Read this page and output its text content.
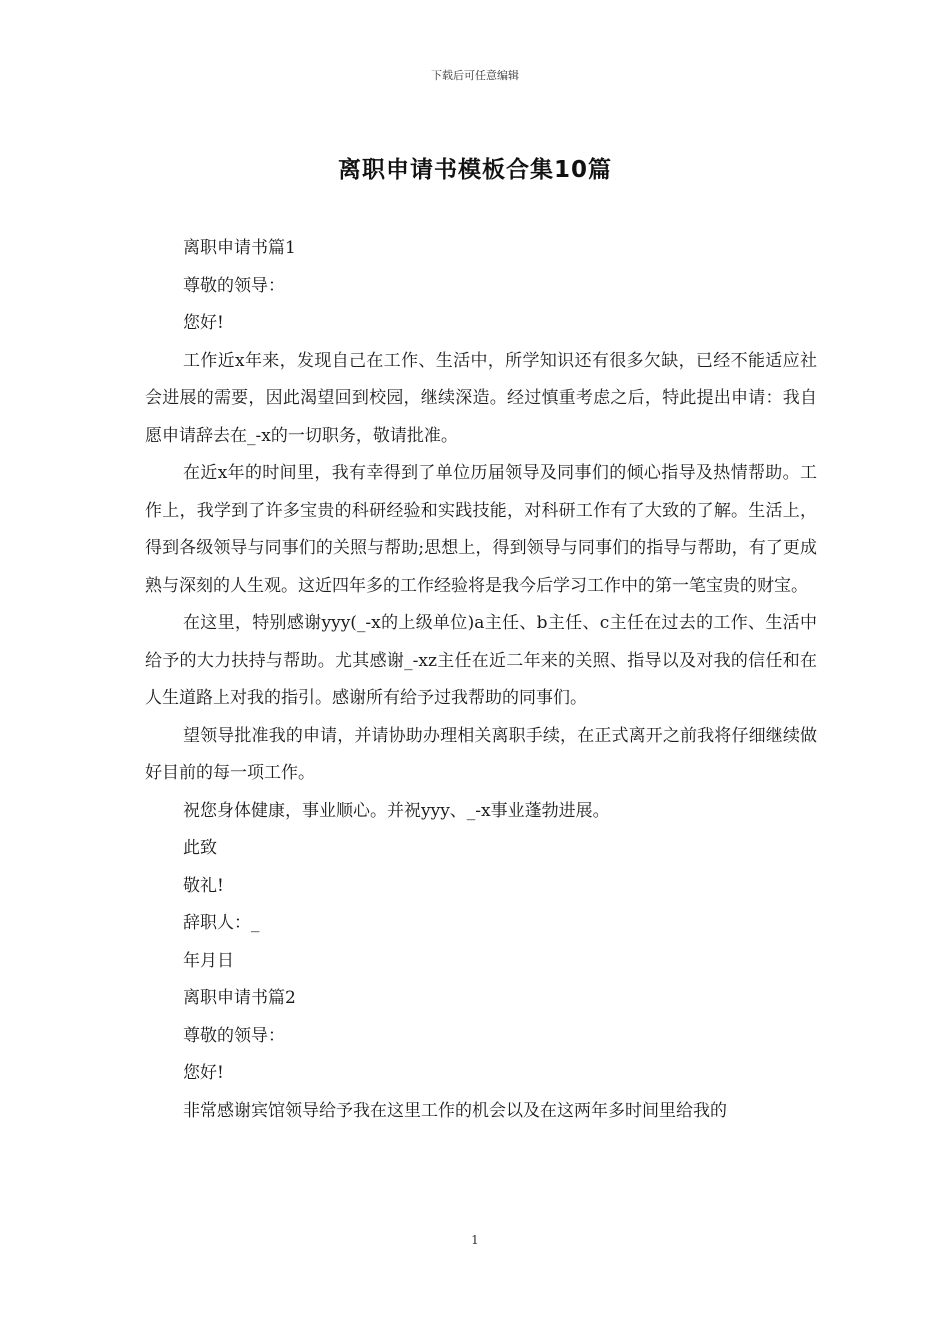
下载后可任意编辑
离职申请书模板合集10篇

离职申请书篇1

尊敬的领导：

您好!

工作近x年来，发现自己在工作、生活中，所学知识还有很多欠缺，已经不能适应社会进展的需要，因此渴望回到校园，继续深造。经过慎重考虑之后，特此提出申请：我自愿申请辞去在_-x的一切职务，敬请批准。

在近x年的时间里，我有幸得到了单位历届领导及同事们的倾心指导及热情帮助。工作上，我学到了许多宝贵的科研经验和实践技能，对科研工作有了大致的了解。生活上，得到各级领导与同事们的关照与帮助;思想上，得到领导与同事们的指导与帮助，有了更成熟与深刻的人生观。这近四年多的工作经验将是我今后学习工作中的第一笔宝贵的财宝。

在这里，特别感谢yyy(_-x的上级单位)a主任、b主任、c主任在过去的工作、生活中给予的大力扶持与帮助。尤其感谢_-xz主任在近二年来的关照、指导以及对我的信任和在人生道路上对我的指引。感谢所有给予过我帮助的同事们。

望领导批准我的申请，并请协助办理相关离职手续，在正式离开之前我将仔细继续做好目前的每一项工作。

祝您身体健康，事业顺心。并祝yyy、_-x事业蓬勃进展。

此致

敬礼!

辞职人：_

年月日

离职申请书篇2

尊敬的领导：

您好!

非常感谢宾馆领导给予我在这里工作的机会以及在这两年多时间里给我的

1
